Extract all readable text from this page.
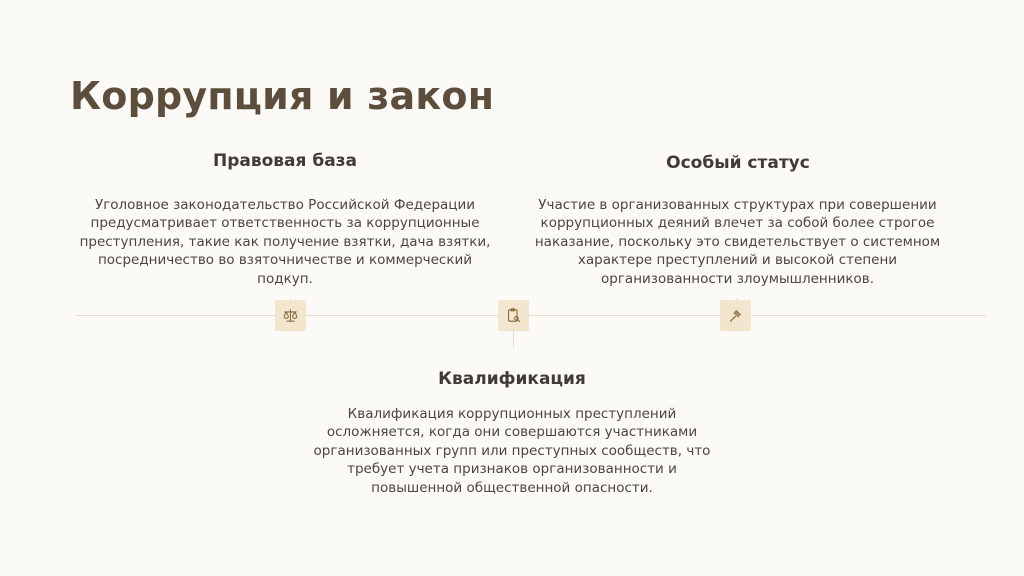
Коррупция и закон
Правовая база
Уголовное законодательство Российской Федерации предусматривает ответственность за коррупционные преступления, такие как получение взятки, дача взятки, посредничество во взяточничестве и коммерческий подкуп.
Квалификация
Квалификация коррупционных преступлений осложняется, когда они совершаются участниками организованных групп или преступных сообществ, что требует учета признаков организованности и повышенной общественной опасности.
Особый статус
Участие в организованных структурах при совершении коррупционных деяний влечет за собой более строгое наказание, поскольку это свидетельствует о системном характере преступлений и высокой степени организованности злоумышленников.
